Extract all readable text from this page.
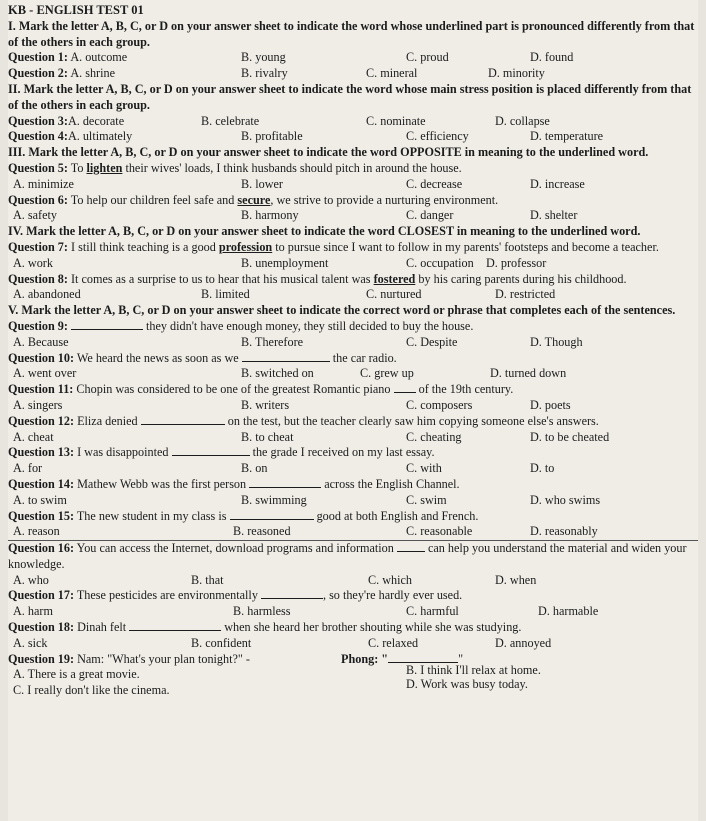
KB - ENGLISH TEST 01
I. Mark the letter A, B, C, or D on your answer sheet to indicate the word whose underlined part is pronounced differently from that of the others in each group.
Question 1: A. outcome	B. young	C. proud	D. found
Question 2: A. shrine	B. rivalry	C. mineral	D. minority
II. Mark the letter A, B, C, or D on your answer sheet to indicate the word whose main stress position is placed differently from that of the others in each group.
Question 3:A. decorate	B. celebrate	C. nominate	D. collapse
Question 4:A. ultimately	B. profitable	C. efficiency	D. temperature
III. Mark the letter A, B, C, or D on your answer sheet to indicate the word OPPOSITE in meaning to the underlined word.
Question 5: To lighten their wives' loads, I think husbands should pitch in around the house.
A. minimize	B. lower	C. decrease	D. increase
Question 6: To help our children feel safe and secure, we strive to provide a nurturing environment.
A. safety	B. harmony	C. danger	D. shelter
IV. Mark the letter A, B, C, or D on your answer sheet to indicate the word CLOSEST in meaning to the underlined word.
Question 7: I still think teaching is a good profession to pursue since I want to follow in my parents' footsteps and become a teacher.
A. work	B. unemployment	C. occupation D. professor
Question 8: It comes as a surprise to us to hear that his musical talent was fostered by his caring parents during his childhood.
A. abandoned	B. limited	C. nurtured	D. restricted
V. Mark the letter A, B, C, or D on your answer sheet to indicate the correct word or phrase that completes each of the sentences.
Question 9:	they didn't have enough money, they still decided to buy the house.
A. Because	B. Therefore	C. Despite	D. Though
Question 10: We heard the news as soon as we	the car radio.
A. went over	B. switched on	C. grew up	D. turned down
Question 11: Chopin was considered to be one of the greatest Romantic piano  of the 19th century.
A. singers	B. writers	C. composers	D. poets
Question 12: Eliza denied	on the test, but the teacher clearly saw him copying someone else's answers.
A. cheat	B. to cheat	C. cheating	D. to be cheated
Question 13: I was disappointed	the grade I received on my last essay.
A. for	B. on	C. with	D. to
Question 14: Mathew Webb was the first person	across the English Channel.
A. to swim	B. swimming	C. swim	D. who swims
Question 15: The new student in my class is	good at both English and French.
A. reason	B. reasoned	C. reasonable	D. reasonably
Question 16: You can access the Internet, download programs and information  can help you understand the material and widen your knowledge.
A. who	B. that	C. which	D. when
Question 17: These pesticides are environmentally	, so they're hardly ever used.
A. harm	B. harmless	C. harmful	D. harmable
Question 18: Dinah felt	when she heard her brother shouting while she was studying.
A. sick	B. confident	C. relaxed	D. annoyed
Question 19: Nam: "What's your plan tonight?" -	Phong: "	"
A. There is a great movie.	B. I think I'll relax at home.
C. I really don't like the cinema.	D. Work was busy today.
